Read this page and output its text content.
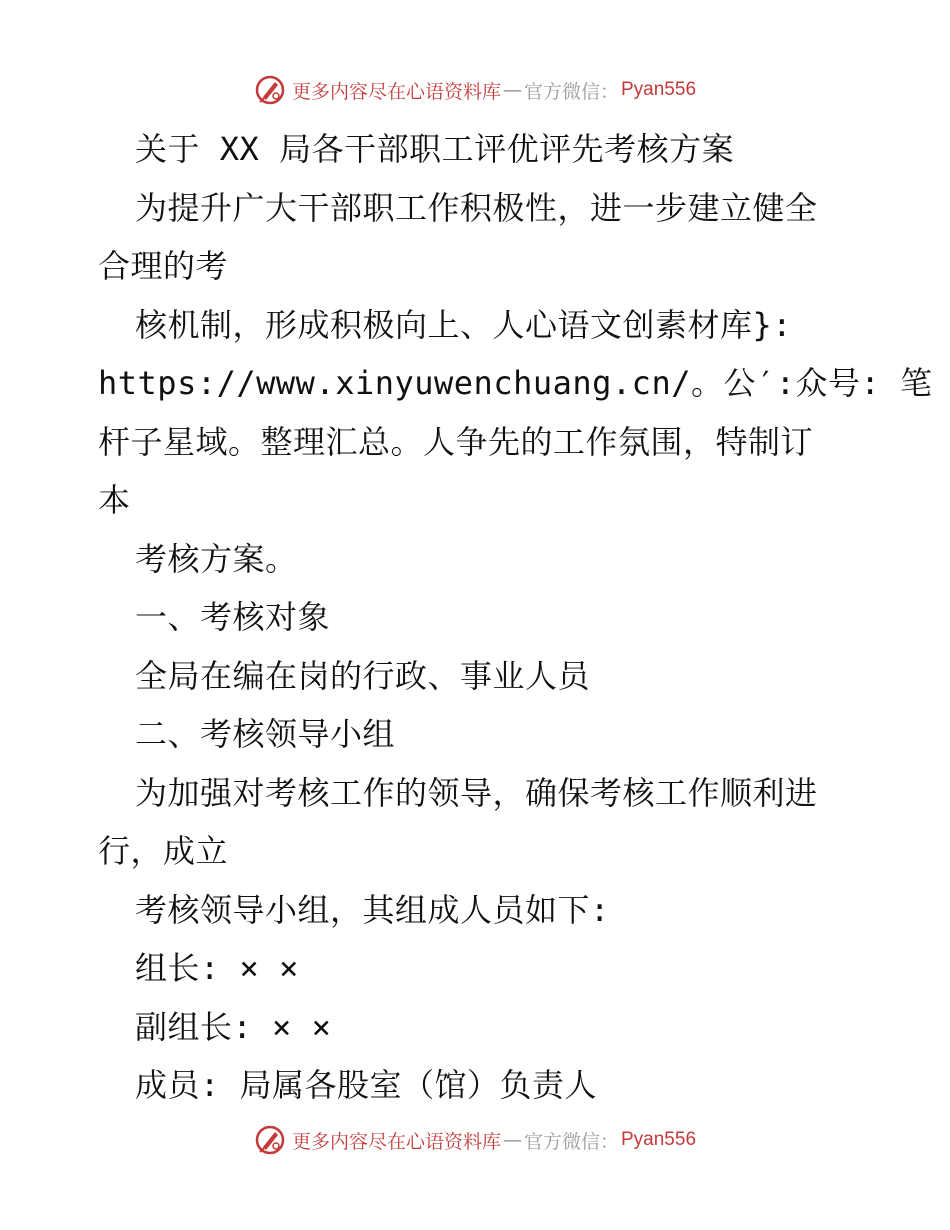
更多内容尽在心语资料库 — 官方微信： Pyan556
关于 XX 局各干部职工评优评先考核方案
为提升广大干部职工作积极性，进一步建立健全
合理的考
核机制，形成积极向上、人心语文创素材库}:
https://www.xinyuwenchuang.cn/。公′:众号: 笔
杆子星域。整理汇总。人争先的工作氛围，特制订
本
考核方案。
一、考核对象
全局在编在岗的行政、事业人员
二、考核领导小组
为加强对考核工作的领导，确保考核工作顺利进
行，成立
考核领导小组，其组成人员如下:
组长: × ×
副组长: × ×
成员: 局属各股室（馆）负责人
更多内容尽在心语资料库 — 官方微信： Pyan556
